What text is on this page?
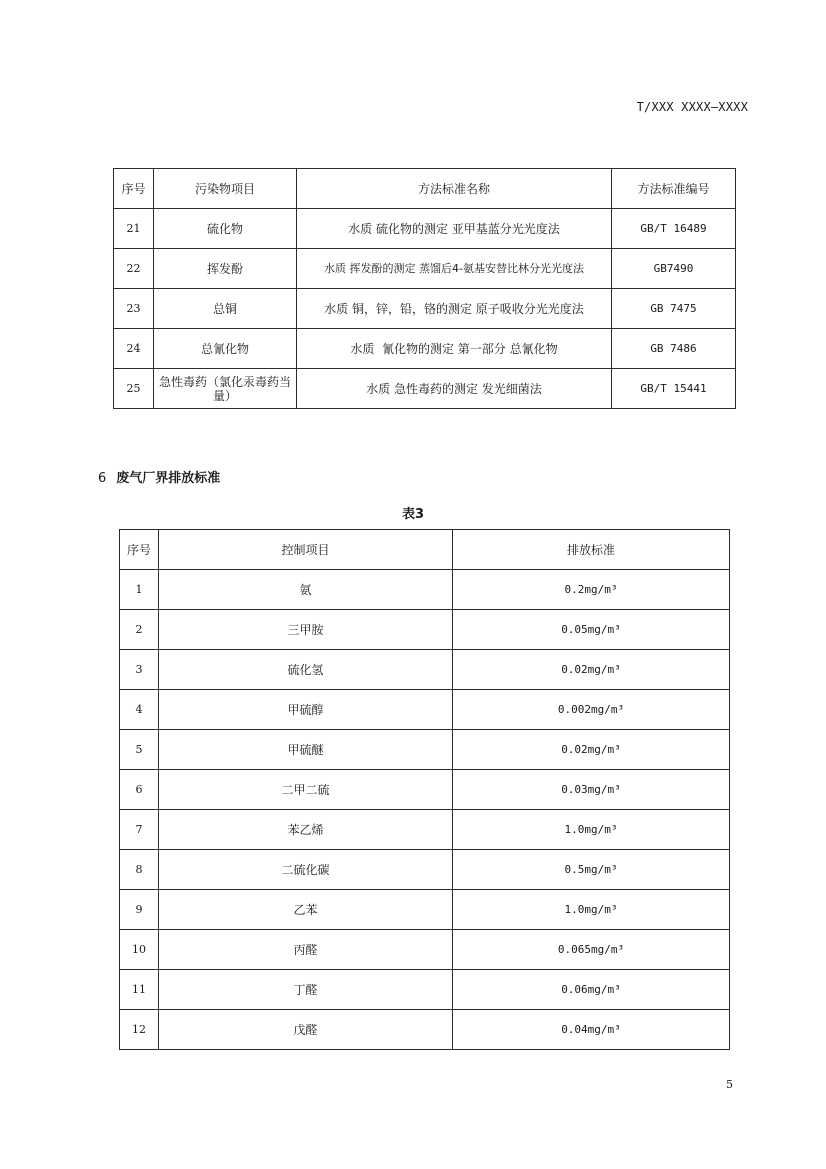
T/XXX XXXX—XXXX
序号	污染物项目	方法标准名称	方法标准编号
21	硫化物	水质 硫化物的测定 亚甲基蓝分光光度法	GB/T 16489
22	挥发酚	水质 挥发酚的测定 蒸馏后4-氨基安替比林分光光度法	GB7490
23	总铜	水质 铜，锌，铅，铬的测定 原子吸收分光光度法	GB 7475
24	总氰化物	水质  氰化物的测定 第一部分 总氰化物	GB 7486
25	急性毒药（氯化汞毒药当量）	水质 急性毒药的测定 发光细菌法	GB/T 15441
6 废气厂界排放标准
表3
序号	控制项目	排放标准
1	氨	0.2mg/m³
2	三甲胺	0.05mg/m³
3	硫化氢	0.02mg/m³
4	甲硫醇	0.002mg/m³
5	甲硫醚	0.02mg/m³
6	二甲二硫	0.03mg/m³
7	苯乙烯	1.0mg/m³
8	二硫化碳	0.5mg/m³
9	乙苯	1.0mg/m³
10	丙醛	0.065mg/m³
11	丁醛	0.06mg/m³
12	戊醛	0.04mg/m³
5
